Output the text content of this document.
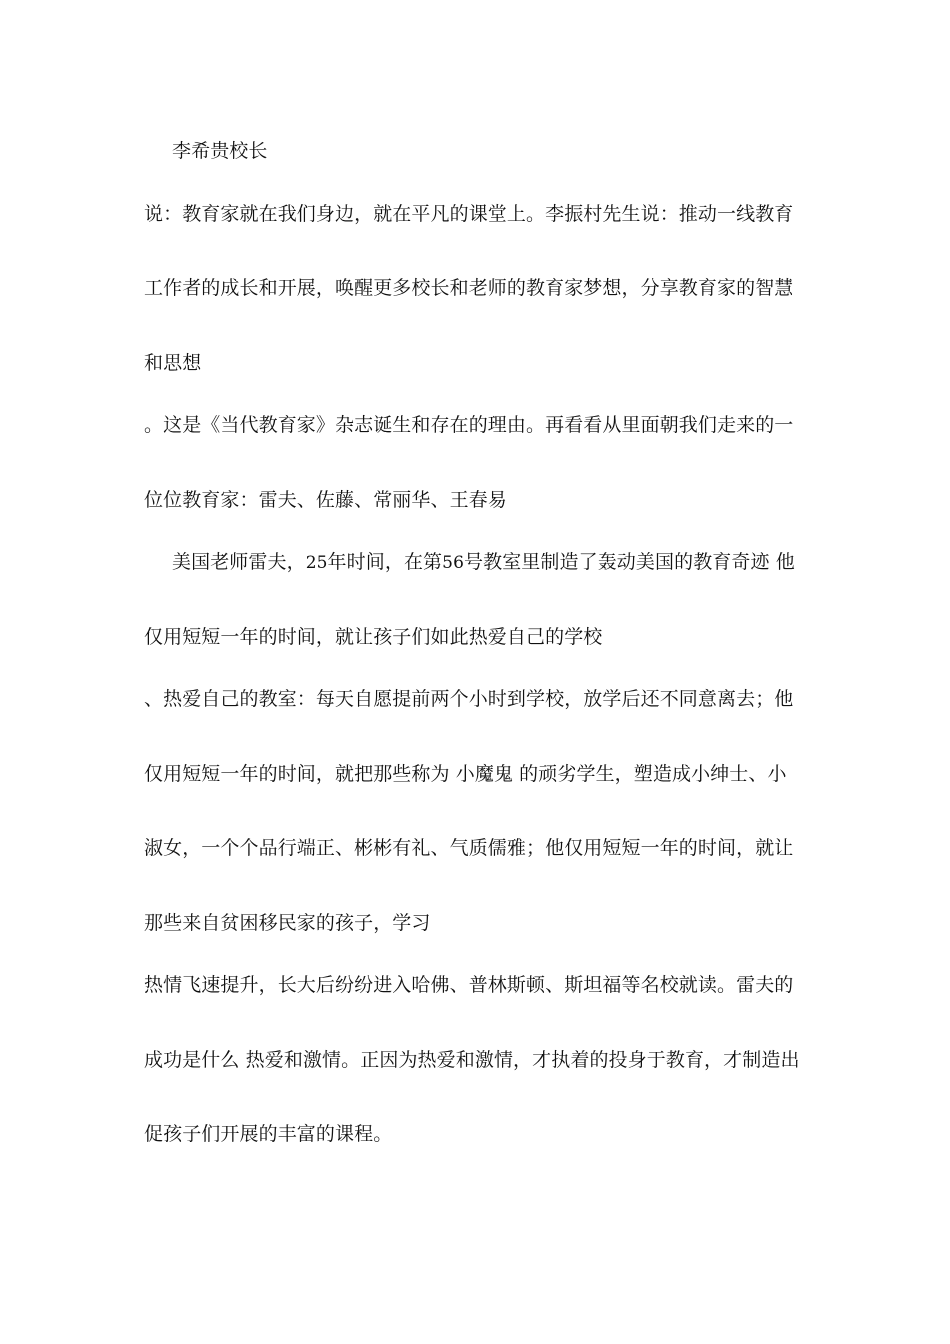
李希贵校长

说：教育家就在我们身边，就在平凡的课堂上。李振村先生说：推动一线教育

工作者的成长和开展，唤醒更多校长和老师的教育家梦想，分享教育家的智慧

和思想

。这是《当代教育家》杂志诞生和存在的理由。再看看从里面朝我们走来的一

位位教育家：雷夫、佐藤、常丽华、王春易

美国老师雷夫，25年时间，在第56号教室里制造了轰动美国的教育奇迹 他

仅用短短一年的时间，就让孩子们如此热爱自己的学校

、热爱自己的教室：每天自愿提前两个小时到学校，放学后还不同意离去；他

仅用短短一年的时间，就把那些称为 小魔鬼 的顽劣学生，塑造成小绅士、小

淑女，一个个品行端正、彬彬有礼、气质儒雅；他仅用短短一年的时间，就让

那些来自贫困移民家的孩子，学习

热情飞速提升，长大后纷纷进入哈佛、普林斯顿、斯坦福等名校就读。雷夫的

成功是什么 热爱和激情。正因为热爱和激情，才执着的投身于教育，才制造出

促孩子们开展的丰富的课程。
